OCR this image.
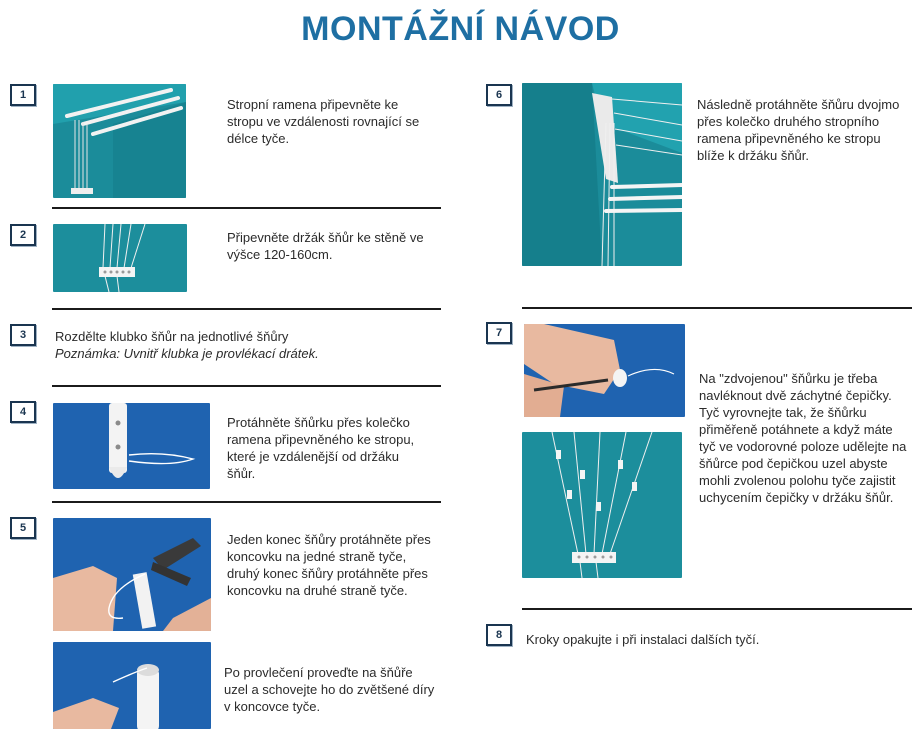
MONTÁŽNÍ NÁVOD
1
Stropní ramena připevněte ke stropu ve vzdálenosti rovnající se délce tyče.
2	Připevněte držák šňůr ke stěně ve výšce 120-160cm.
3	Rozdělte klubko šňůr na jednotlivé šňůry
Poznámka: Uvnitř klubka je provlékací drátek.
4
Protáhněte šňůrku přes kolečko ramena připevněného ke stropu, které je vzdálenější od držáku šňůr.
5
Jeden konec šňůry protáhněte přes koncovku na jedné straně tyče, druhý konec šňůry protáhněte přes koncovku na druhé straně tyče.
Po provlečení proveďte na šňůře uzel a schovejte ho do zvětšené díry v koncovce tyče.
6
Následně protáhněte šňůru dvojmo přes kolečko druhého stropního ramena připevněného ke stropu blíže k držáku šňůr.
7
Na "zdvojenou" šňůrku je třeba navléknout dvě záchytné čepičky. Tyč vyrovnejte tak, že šňůrku přiměřeně potáhnete a když máte tyč ve vodorovné poloze udělejte na šňůrce pod čepičkou uzel abyste mohli zvolenou polohu tyče zajistit uchycením čepičky v držáku šňůr.
8	Kroky opakujte i při instalaci dalších tyčí.
